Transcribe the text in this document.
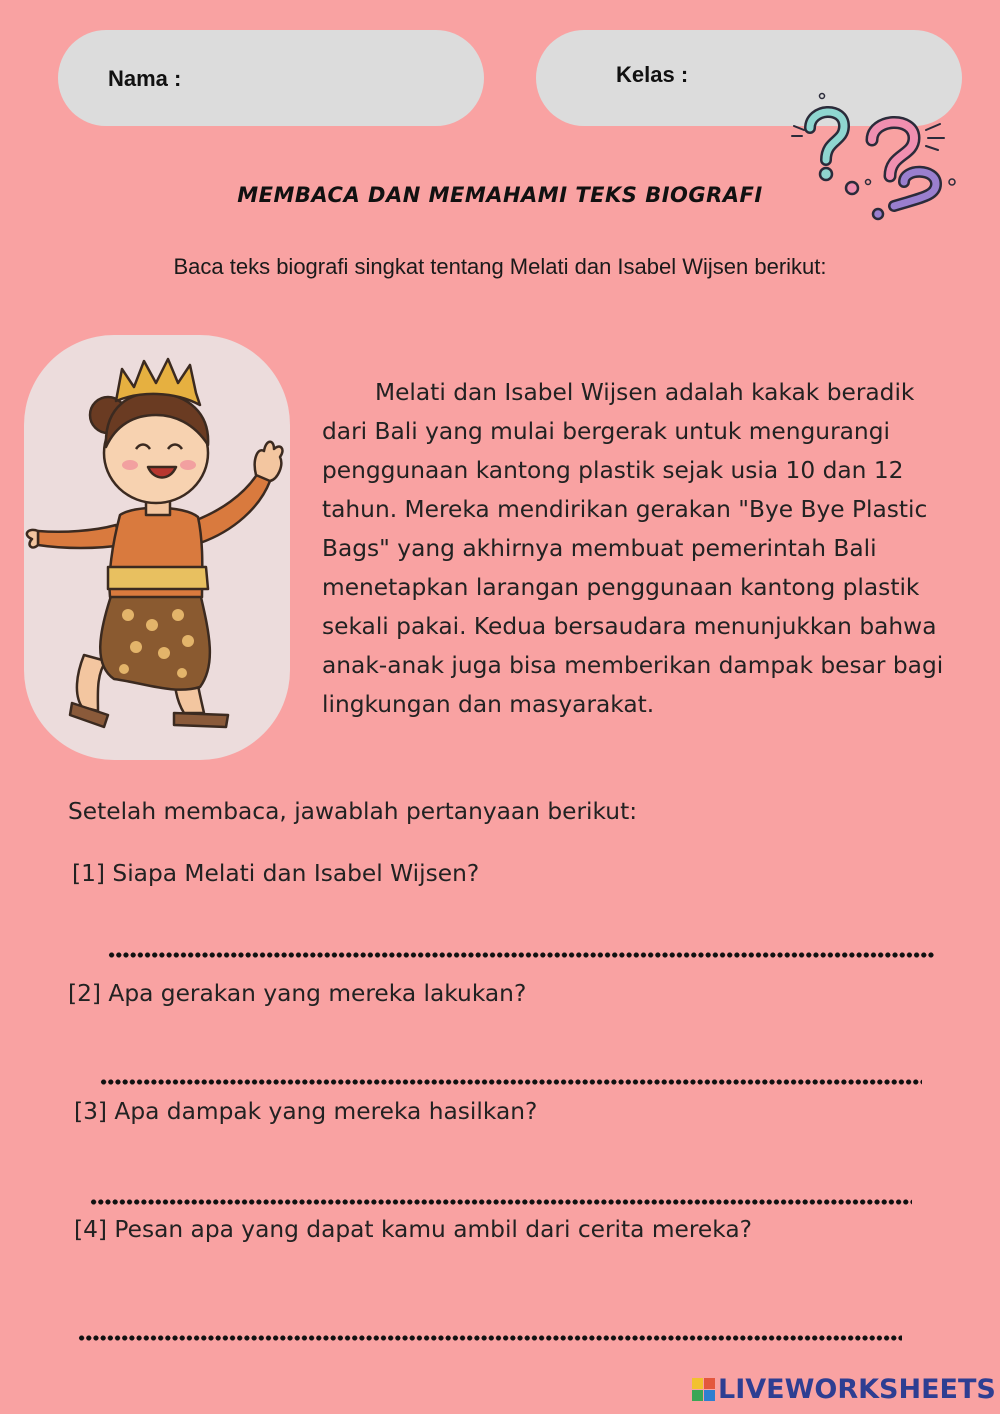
Nama :	Kelas :
MEMBACA DAN MEMAHAMI TEKS BIOGRAFI
Baca teks biografi singkat tentang Melati dan Isabel Wijsen berikut:
Melati dan Isabel Wijsen adalah kakak beradik
dari Bali yang mulai bergerak untuk mengurangi
penggunaan kantong plastik sejak usia 10 dan 12
tahun. Mereka mendirikan gerakan "Bye Bye Plastic
Bags" yang akhirnya membuat pemerintah Bali
menetapkan larangan penggunaan kantong plastik
sekali pakai. Kedua bersaudara menunjukkan bahwa
anak-anak juga bisa memberikan dampak besar bagi
lingkungan dan masyarakat.
Setelah membaca, jawablah pertanyaan berikut:
[1] Siapa Melati dan Isabel Wijsen?
[2] Apa gerakan yang mereka lakukan?
[3] Apa dampak yang mereka hasilkan?
[4] Pesan apa yang dapat kamu ambil dari cerita mereka?
LIVEWORKSHEETS
